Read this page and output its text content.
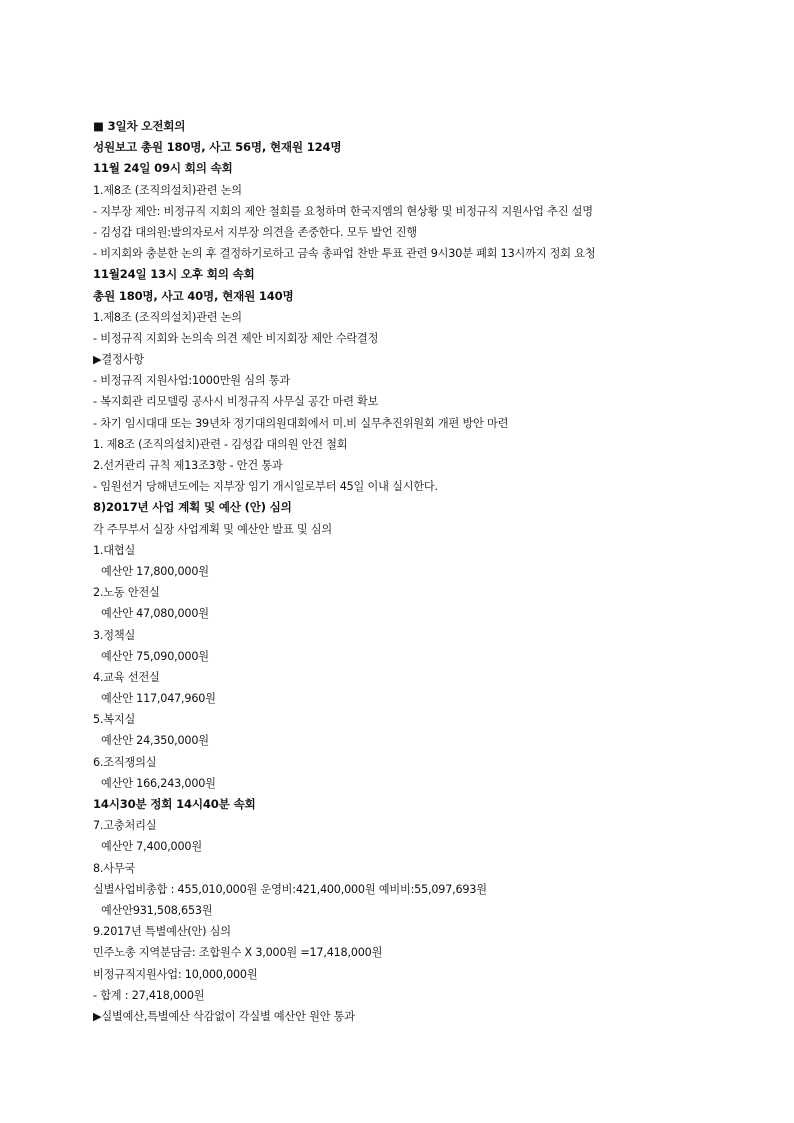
■ 3일차 오전회의
성원보고 총원 180명, 사고 56명, 현재원 124명
11월 24일 09시 회의 속회
1.제8조 (조직의설치)관련 논의
- 지부장 제안: 비정규직 지회의 제안 철회를 요청하며 한국지엠의 현상황 및 비정규직 지원사업 추진 설명
- 김성갑 대의원:발의자로서 지부장 의견을 존중한다. 모두 발언 진행
- 비지회와 충분한 논의 후 결정하기로하고 금속 총파업 찬반 투표 관련 9시30분 폐회 13시까지 정회 요청
11월24일 13시 오후 회의 속회
총원 180명, 사고 40명, 현재원 140명
1.제8조 (조직의설치)관련 논의
- 비정규직 지회와 논의속 의견 제안 비지회장 제안 수락결정
▶결정사항
- 비정규직 지원사업:1000만원 심의 통과
- 복지회관 리모델링 공사시 비정규직 사무실 공간 마련 확보
- 차기 임시대대 또는 39년차 정기대의원대회에서 미.비 실무추진위원회 개편 방안 마련
1. 제8조 (조직의설치)관련 - 김성갑 대의원 안건 철회
2.선거관리 규칙 제13조3항 - 안건 통과
- 임원선거 당해년도에는 지부장 임기 개시일로부터 45일 이내 실시한다.
8)2017년 사업 계획 및 예산 (안) 심의
각 주무부서 실장 사업계획 및 예산안 발표 및 심의
1.대협실
예산안 17,800,000원
2.노동 안전실
예산안 47,080,000원
3.정책실
예산안 75,090,000원
4.교육 선전실
예산안 117,047,960원
5.복지실
예산안 24,350,000원
6.조직쟁의실
예산안 166,243,000원
14시30분 정회 14시40분 속회
7.고충처리실
예산안 7,400,000원
8.사무국
실별사업비총합 : 455,010,000원 운영비:421,400,000원 예비비:55,097,693원
예산안931,508,653원
9.2017년 특별예산(안) 심의
민주노총 지역분담금: 조합원수 X 3,000원 =17,418,000원
비정규직지원사업: 10,000,000원
- 합계 : 27,418,000원
▶실별예산,특별예산 삭감없이 각실별 예산안 원안 통과
